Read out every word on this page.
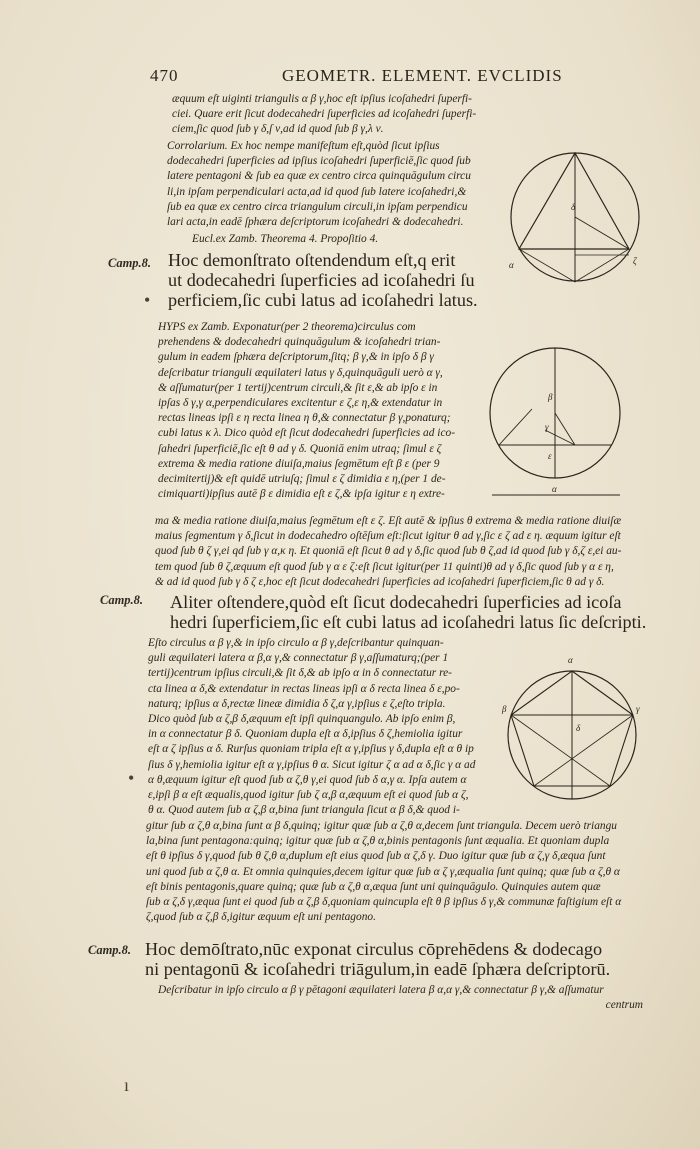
470	GEOMETR. ELEMENT. EVCLIDIS
æquum eſt uiginti triangulis α β γ,hoc eſt ipſius icoſahedri ſuperfi-
ciei. Quare erit ſicut dodecahedri ſuperficies ad icoſahedri ſuperfi-
ciem,ſic quod ſub γ δ,ſ ν,ad id quod ſub β γ,λ ν.
Corrolarium. Ex hoc nempe manifeſtum eſt,quòd ſicut ipſius
dodecahedri ſuperficies ad ipſius icoſahedri ſuperficiē,ſic quod ſub
latere pentagoni & ſub ea quæ ex centro circa quinquāgulum circu
li,in ipſam perpendiculari acta,ad id quod ſub latere icoſahedri,&
ſub ea quæ ex centro circa triangulum circuli,in ipſam perpendicu
lari acta,in eadē ſphæra deſcriptorum icoſahedri & dodecahedri.
Eucl.ex Zamb. Theorema 4. Propoſitio 4.
δ
α	ζ
Camp.8. Hoc demonſtrato oſtendendum eſt,q erit
ut dodecahedri ſuperficies ad icoſahedri ſu
perficiem,ſic cubi latus ad icoſahedri latus.
HYPS ex Zamb. Exponatur(per 2 theorema)circulus com
prehendens & dodecahedri quinquāgulum & icoſahedri trian-
gulum in eadem ſphæra deſcriptorum,ſitq; β γ,& in ipſo δ β γ
deſcribatur trianguli æquilateri latus γ δ,quinquāguli uerò α γ,
& aſſumatur(per 1 tertij)centrum circuli,& ſit ε,& ab ipſo ε in
ipſas δ γ,γ α,perpendiculares excitentur ε ζ,ε η,& extendatur in
rectas lineas ipſi ε η recta linea η θ,& connectatur β γ,ponaturq;
cubi latus κ λ. Dico quòd eſt ſicut dodecahedri ſuperficies ad ico-
ſahedri ſuperficiē,ſic eſt θ ad γ δ. Quoniā enim utraq; ſimul ε ζ
extrema & media ratione diuiſa,maius ſegmētum eſt β ε (per 9
decimitertij)& eſt quidē utriuſq; ſimul ε ζ dimidia ε η,(per 1 de-
cimiquarti)ipſius autē β ε dimidia eſt ε ζ,& ipſa igitur ε η extre-
β
γ
ε
α
ma & media ratione diuiſa,maius ſegmētum eſt ε ζ. Eſt autē & ipſius θ extrema & media ratione diuiſæ
maius ſegmentum γ δ,ſicut in dodecahedro oſtēſum eſt:ſicut igitur θ ad γ,ſic ε ζ ad ε η. æquum igitur eſt
quod ſub θ ζ γ,ei qd ſub γ α,κ η. Et quoniā eſt ſicut θ ad γ δ,ſic quod ſub θ ζ,ad id quod ſub γ δ,ζ ε,ei au-
tem quod ſub θ ζ,æquum eſt quod ſub γ α ε ζ:eſt ſicut igitur(per 11 quinti)θ ad γ δ,ſic quod ſub γ α ε η,
& ad id quod ſub γ δ ζ ε,hoc eſt ſicut dodecahedri ſuperficies ad icoſahedri ſuperficiem,ſic θ ad γ δ.
Camp.8. Aliter oſtendere,quòd eſt ſicut dodecahedri ſuperficies ad icoſa
hedri ſuperficiem,ſic eſt cubi latus ad icoſahedri latus ſic deſcripti.
Eſto circulus α β γ,& in ipſo circulo α β γ,deſcribantur quinquan-
guli æquilateri latera α β,α γ,& connectatur β γ,aſſumaturq;(per 1
tertij)centrum ipſius circuli,& ſit δ,& ab ipſo α in δ connectatur re-
cta linea α δ,& extendatur in rectas lineas ipſi α δ recta linea δ ε,po-
naturq; ipſius α δ,rectæ lineæ dimidia δ ζ,α γ,ipſius ε ζ,eſto tripla.
Dico quòd ſub α ζ,β δ,æquum eſt ipſi quinquangulo. Ab ipſo enim β,
in α connectatur β δ. Quoniam dupla eſt α δ,ipſius δ ζ,hemiolia igitur
eſt α ζ ipſius α δ. Rurſus quoniam tripla eſt α γ,ipſius γ δ,dupla eſt α θ ip
ſius δ γ,hemiolia igitur eſt α γ,ipſius θ α. Sicut igitur ζ α ad α δ,ſic γ α ad
α θ,æquum igitur eſt quod ſub α ζ,θ γ,ei quod ſub δ α,γ α. Ipſa autem α
ε,ipſi β α eſt æqualis,quod igitur ſub ζ α,β α,æquum eſt ei quod ſub α ζ,
θ α. Quod autem ſub α ζ,β α,bina ſunt triangula ſicut α β δ,& quod i-
α
β	γ
δ
gitur ſub α ζ,θ α,bina ſunt α β δ,quinq; igitur quæ ſub α ζ,θ α,decem ſunt triangula. Decem uerò triangu
la,bina ſunt pentagona:quinq; igitur quæ ſub α ζ,θ α,binis pentagonis ſunt æqualia. Et quoniam dupla
eſt θ ipſius δ γ,quod ſub θ ζ,θ α,duplum eſt eius quod ſub α ζ,δ γ. Duo igitur quæ ſub α ζ,γ δ,æqua ſunt
uni quod ſub α ζ,θ α. Et omnia quinquies,decem igitur quæ ſub α ζ γ,æqualia ſunt quinq; quæ ſub α ζ,θ α
eſt binis pentagonis,quare quinq; quæ ſub α ζ,θ α,æqua ſunt uni quinquāgulo. Quinquies autem quæ
ſub α ζ,δ γ,æqua ſunt ei quod ſub α ζ,β δ,quoniam quincupla eſt θ β ipſius δ γ,& communæ faſtigium eſt α
ζ,quod ſub α ζ,β δ,igitur æquum eſt uni pentagono.
Camp.8. Hoc demōſtrato,nūc exponat circulus cōprehēdens & dodecago
ni pentagonū & icoſahedri triāgulum,in eadē ſphæra deſcriptorū.
Deſcribatur in ipſo circulo α β γ pētagoni æquilateri latera β α,α γ,& connectatur β γ,& aſſumatur
centrum
•
•
ı
